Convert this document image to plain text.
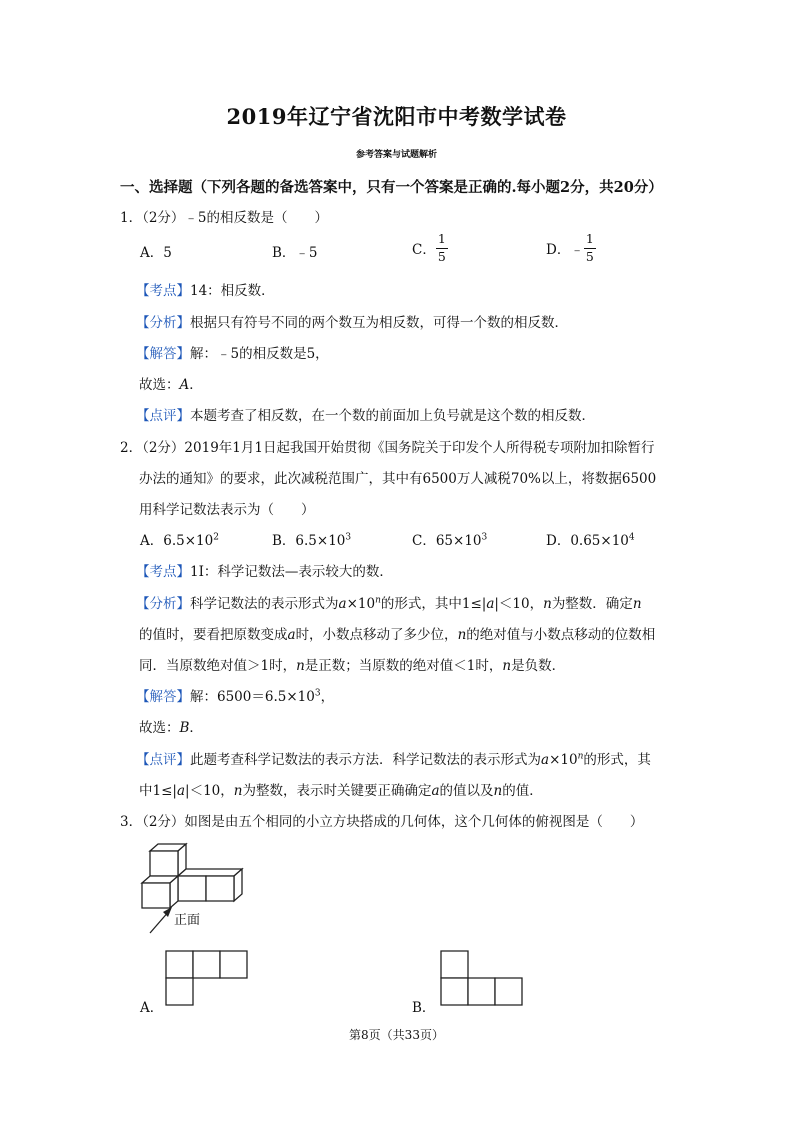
2019年辽宁省沈阳市中考数学试卷
参考答案与试题解析
一、选择题（下列各题的备选答案中，只有一个答案是正确的.每小题2分，共20分）
1．（2分）﹣5的相反数是（　　）
A．5	B．﹣5	C． $\frac{1}{5}$	D．﹣ $\frac{1}{5}$
【考点】14：相反数．
【分析】根据只有符号不同的两个数互为相反数，可得一个数的相反数．
【解答】解：﹣5的相反数是5，
故选：A．
【点评】本题考查了相反数，在一个数的前面加上负号就是这个数的相反数．
2．（2分）2019年1月1日起我国开始贯彻《国务院关于印发个人所得税专项附加扣除暂行
办法的通知》的要求，此次减税范围广，其中有6500万人减税70%以上，将数据6500
用科学记数法表示为（　　）
A．$6.5\times 10^2$	B．$6.5\times 10^3$	C．$65\times 10^3$	D．$0.65\times 10^4$
【考点】1I：科学记数法—表示较大的数．
【分析】科学记数法的表示形式为$a\times 10^n$的形式，其中1≤|a|＜10，n为整数．确定n
的值时，要看把原数变成a时，小数点移动了多少位，n的绝对值与小数点移动的位数相
同．当原数绝对值＞1时，n是正数；当原数的绝对值＜1时，n是负数．
【解答】解：$6500=6.5\times 10^3$，
故选：B．
【点评】此题考查科学记数法的表示方法．科学记数法的表示形式为$a\times 10^n$的形式，其
中1≤|a|＜10，n为整数，表示时关键要正确确定a的值以及n的值．
3．（2分）如图是由五个相同的小立方块搭成的几何体，这个几何体的俯视图是（　　）
正面
A．	B．
第8页（共33页）
